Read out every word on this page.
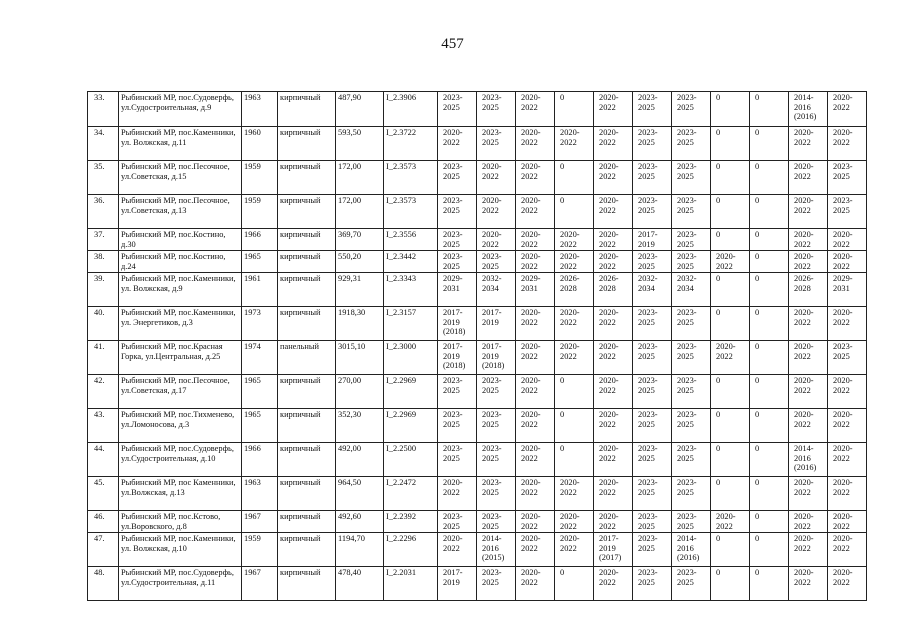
457
33.	Рыбинский МР, пос.Судоверфь, ул.Судостроительная, д.9	1963	кирпичный	487,90	I_2.3906	2023-2025	2023-2025	2020-2022	0	2020-2022	2023-2025	2023-2025	0	0	2014-2016 (2016)	2020-2022
34.	Рыбинский МР, пос.Каменники, ул. Волжская, д.11	1960	кирпичный	593,50	I_2.3722	2020-2022	2023-2025	2020-2022	2020-2022	2020-2022	2023-2025	2023-2025	0	0	2020-2022	2020-2022
35.	Рыбинский МР, пос.Песочное, ул.Советская, д.15	1959	кирпичный	172,00	I_2.3573	2023-2025	2020-2022	2020-2022	0	2020-2022	2023-2025	2023-2025	0	0	2020-2022	2023-2025
36.	Рыбинский МР, пос.Песочное, ул.Советская, д.13	1959	кирпичный	172,00	I_2.3573	2023-2025	2020-2022	2020-2022	0	2020-2022	2023-2025	2023-2025	0	0	2020-2022	2023-2025
37.	Рыбинский МР, пос.Костино, д.30	1966	кирпичный	369,70	I_2.3556	2023-2025	2020-2022	2020-2022	2020-2022	2020-2022	2017-2019	2023-2025	0	0	2020-2022	2020-2022
38.	Рыбинский МР, пос.Костино, д.24	1965	кирпичный	550,20	I_2.3442	2023-2025	2023-2025	2020-2022	2020-2022	2020-2022	2023-2025	2023-2025	2020-2022	0	2020-2022	2020-2022
39.	Рыбинский МР, пос.Каменники, ул. Волжская, д.9	1961	кирпичный	929,31	I_2.3343	2029-2031	2032-2034	2029-2031	2026-2028	2026-2028	2032-2034	2032-2034	0	0	2026-2028	2029-2031
40.	Рыбинский МР, пос.Каменники, ул. Энергетиков, д.3	1973	кирпичный	1918,30	I_2.3157	2017-2019 (2018)	2017-2019	2020-2022	2020-2022	2020-2022	2023-2025	2023-2025	0	0	2020-2022	2020-2022
41.	Рыбинский МР, пос.Красная Горка, ул.Центральная, д.25	1974	панельный	3015,10	I_2.3000	2017-2019 (2018)	2017-2019 (2018)	2020-2022	2020-2022	2020-2022	2023-2025	2023-2025	2020-2022	0	2020-2022	2023-2025
42.	Рыбинский МР, пос.Песочное, ул.Советская, д.17	1965	кирпичный	270,00	I_2.2969	2023-2025	2023-2025	2020-2022	0	2020-2022	2023-2025	2023-2025	0	0	2020-2022	2020-2022
43.	Рыбинский МР, пос.Тихменево, ул.Ломоносова, д.3	1965	кирпичный	352,30	I_2.2969	2023-2025	2023-2025	2020-2022	0	2020-2022	2023-2025	2023-2025	0	0	2020-2022	2020-2022
44.	Рыбинский МР, пос.Судоверфь, ул.Судостроительная, д.10	1966	кирпичный	492,00	I_2.2500	2023-2025	2023-2025	2020-2022	0	2020-2022	2023-2025	2023-2025	0	0	2014-2016 (2016)	2020-2022
45.	Рыбинский МР, пос Каменники, ул.Волжская, д.13	1963	кирпичный	964,50	I_2.2472	2020-2022	2023-2025	2020-2022	2020-2022	2020-2022	2023-2025	2023-2025	0	0	2020-2022	2020-2022
46.	Рыбинский МР, пос.Кстово, ул.Воровского, д.8	1967	кирпичный	492,60	I_2.2392	2023-2025	2023-2025	2020-2022	2020-2022	2020-2022	2023-2025	2023-2025	2020-2022	0	2020-2022	2020-2022
47.	Рыбинский МР, пос.Каменники, ул. Волжская, д.10	1959	кирпичный	1194,70	I_2.2296	2020-2022	2014-2016 (2015)	2020-2022	2020-2022	2017-2019 (2017)	2023-2025	2014-2016 (2016)	0	0	2020-2022	2020-2022
48.	Рыбинский МР, пос.Судоверфь, ул.Судостроительная, д.11	1967	кирпичный	478,40	I_2.2031	2017-2019	2023-2025	2020-2022	0	2020-2022	2023-2025	2023-2025	0	0	2020-2022	2020-2022
